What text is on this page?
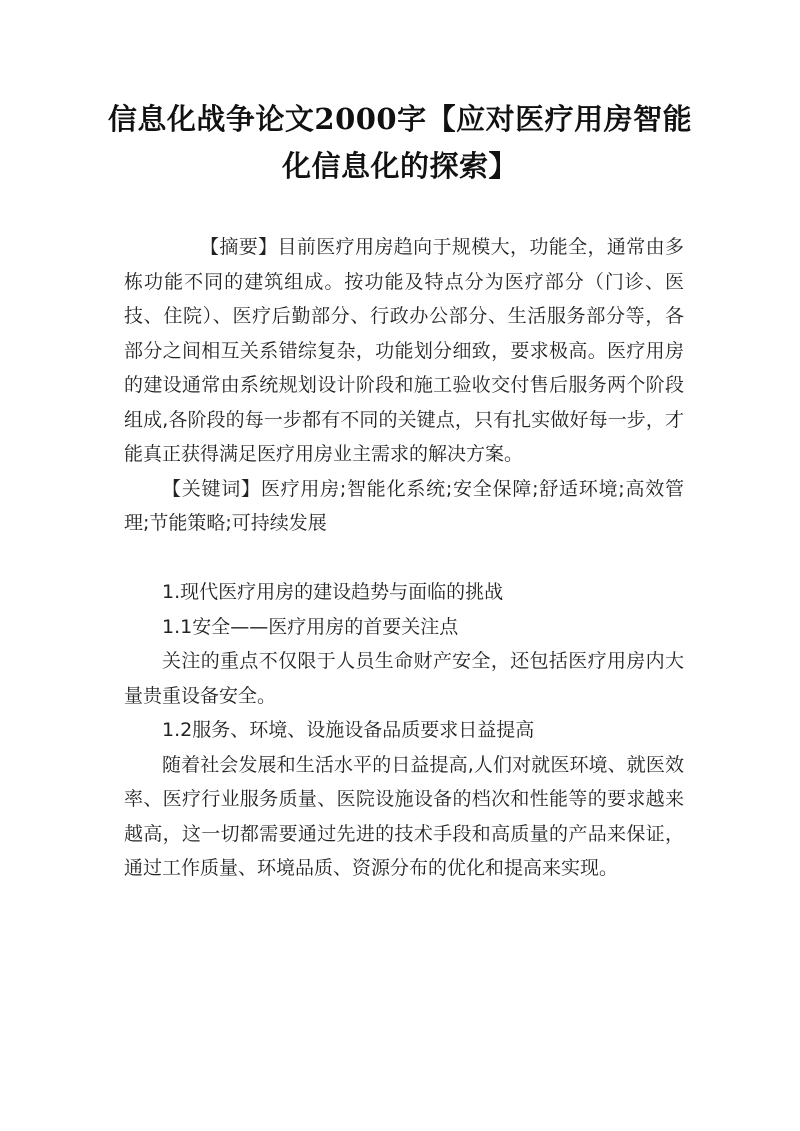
信息化战争论文2000字【应对医疗用房智能化信息化的探索】

【摘要】目前医疗用房趋向于规模大，功能全，通常由多栋功能不同的建筑组成。按功能及特点分为医疗部分（门诊、医技、住院）、医疗后勤部分、行政办公部分、生活服务部分等，各部分之间相互关系错综复杂，功能划分细致，要求极高。医疗用房的建设通常由系统规划设计阶段和施工验收交付售后服务两个阶段组成,各阶段的每一步都有不同的关键点，只有扎实做好每一步，才能真正获得满足医疗用房业主需求的解决方案。

【关键词】医疗用房;智能化系统;安全保障;舒适环境;高效管理;节能策略;可持续发展

1.现代医疗用房的建设趋势与面临的挑战

1.1安全——医疗用房的首要关注点

关注的重点不仅限于人员生命财产安全，还包括医疗用房内大量贵重设备安全。

1.2服务、环境、设施设备品质要求日益提高

随着社会发展和生活水平的日益提高,人们对就医环境、就医效率、医疗行业服务质量、医院设施设备的档次和性能等的要求越来越高，这一切都需要通过先进的技术手段和高质量的产品来保证，通过工作质量、环境品质、资源分布的优化和提高来实现。
